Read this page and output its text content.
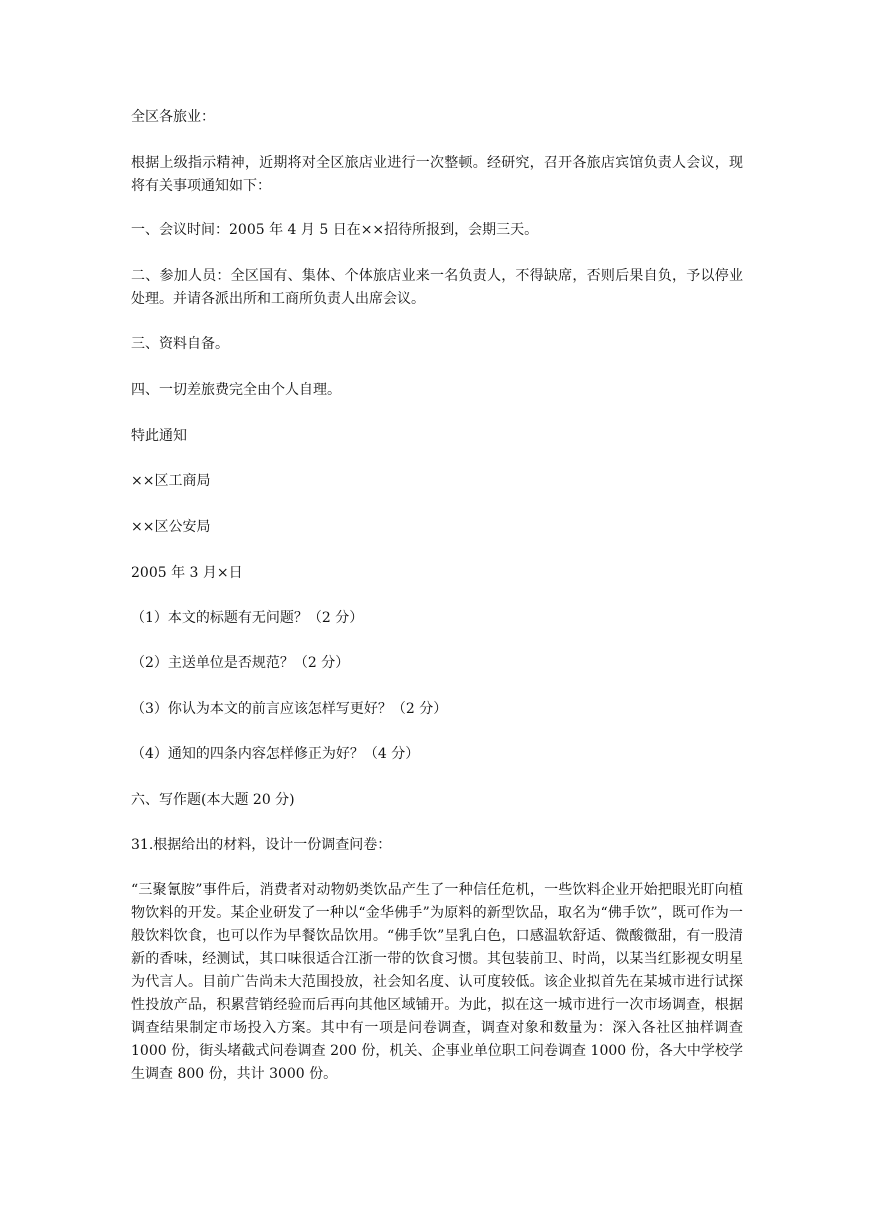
全区各旅业：

根据上级指示精神，近期将对全区旅店业进行一次整顿。经研究，召开各旅店宾馆负责人会议，现将有关事项通知如下：

一、会议时间：2005 年 4 月 5 日在××招待所报到，会期三天。

二、参加人员：全区国有、集体、个体旅店业来一名负责人，不得缺席，否则后果自负，予以停业处理。并请各派出所和工商所负责人出席会议。

三、资料自备。

四、一切差旅费完全由个人自理。

特此通知

××区工商局

××区公安局

2005 年 3 月×日

（1）本文的标题有无问题？（2 分）

（2）主送单位是否规范？（2 分）

（3）你认为本文的前言应该怎样写更好？（2 分）

（4）通知的四条内容怎样修正为好？（4 分）

六、写作题(本大题 20 分)

31.根据给出的材料，设计一份调查问卷：

“三聚氰胺”事件后，消费者对动物奶类饮品产生了一种信任危机，一些饮料企业开始把眼光盯向植物饮料的开发。某企业研发了一种以“金华佛手”为原料的新型饮品，取名为“佛手饮”，既可作为一般饮料饮食，也可以作为早餐饮品饮用。“佛手饮”呈乳白色，口感温软舒适、微酸微甜，有一股清新的香味，经测试，其口味很适合江浙一带的饮食习惯。其包装前卫、时尚，以某当红影视女明星为代言人。目前广告尚未大范围投放，社会知名度、认可度较低。该企业拟首先在某城市进行试探性投放产品，积累营销经验而后再向其他区域铺开。为此，拟在这一城市进行一次市场调查，根据调查结果制定市场投入方案。其中有一项是问卷调查，调查对象和数量为：深入各社区抽样调查 1000 份，街头堵截式问卷调查 200 份，机关、企事业单位职工问卷调查 1000 份，各大中学校学生调查 800 份，共计 3000 份。
